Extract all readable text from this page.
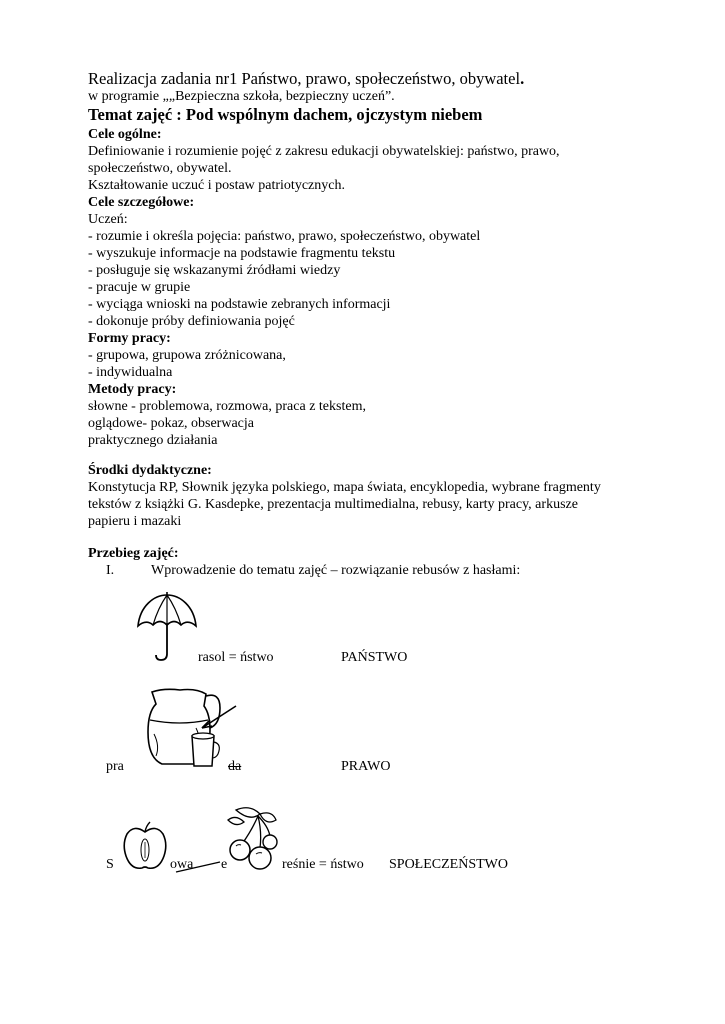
Realizacja zadania nr1 Państwo, prawo, społeczeństwo, obywatel.
w programie „„Bezpieczna szkoła, bezpieczny uczeń”.
Temat zajęć : Pod wspólnym dachem, ojczystym niebem
Cele ogólne:
Definiowanie i rozumienie pojęć z zakresu edukacji obywatelskiej: państwo, prawo,
społeczeństwo, obywatel.
Kształtowanie uczuć i postaw patriotycznych.
Cele szczegółowe:
Uczeń:
- rozumie i określa pojęcia: państwo, prawo, społeczeństwo, obywatel
- wyszukuje informacje na podstawie fragmentu tekstu
- posługuje się wskazanymi źródłami wiedzy
- pracuje w grupie
- wyciąga wnioski na podstawie zebranych informacji
- dokonuje próby definiowania pojęć
Formy pracy:
- grupowa, grupowa zróżnicowana,
- indywidualna
Metody pracy:
słowne - problemowa, rozmowa, praca z tekstem,
oglądowe- pokaz, obserwacja
praktycznego działania
Środki dydaktyczne:
Konstytucja RP, Słownik języka polskiego, mapa świata, encyklopedia, wybrane fragmenty
tekstów z książki G. Kasdepke, prezentacja multimedialna, rebusy, karty pracy, arkusze
papieru i mazaki
Przebieg zajęć:
I.	Wprowadzenie do tematu zajęć – rozwiązanie rebusów z hasłami:
rasol = ństwo	PAŃSTWO
pra	da	PRAWO
S	owa e	reśnie = ństwo SPOŁECZEŃSTWO
